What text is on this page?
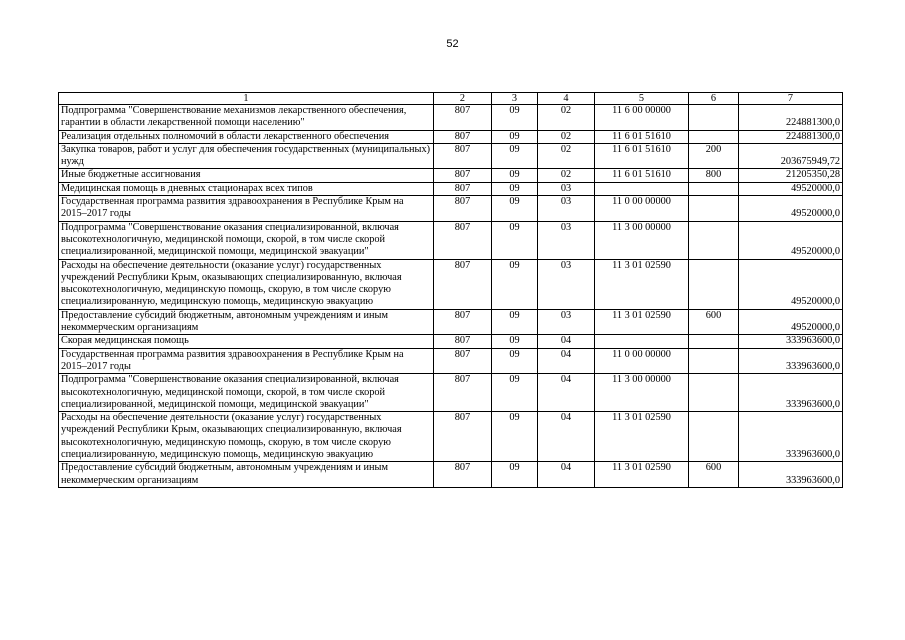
52
1	2	3	4	5	6	7
Подпрограмма "Совершенствование механизмов лекарственного обеспечения, гарантии в области лекарственной помощи населению"	807	09	02	11 6 00 00000		224881300,0
Реализация отдельных полномочий в области лекарственного обеспечения	807	09	02	11 6 01 51610		224881300,0
Закупка товаров, работ и услуг для обеспечения государственных (муниципальных) нужд	807	09	02	11 6 01 51610	200	203675949,72
Иные бюджетные ассигнования	807	09	02	11 6 01 51610	800	21205350,28
Медицинская помощь в дневных стационарах всех типов	807	09	03			49520000,0
Государственная программа развития здравоохранения в Республике Крым на 2015–2017 годы	807	09	03	11 0 00 00000		49520000,0
Подпрограмма "Совершенствование оказания специализированной, включая высокотехнологичную, медицинской помощи, скорой, в том числе скорой специализированной, медицинской помощи, медицинской эвакуации"	807	09	03	11 3 00 00000		49520000,0
Расходы на обеспечение деятельности (оказание услуг) государственных учреждений Республики Крым, оказывающих специализированную, включая высокотехнологичную, медицинскую помощь, скорую, в том числе скорую специализированную, медицинскую помощь, медицинскую эвакуацию	807	09	03	11 3 01 02590		49520000,0
Предоставление субсидий бюджетным, автономным учреждениям и иным некоммерческим организациям	807	09	03	11 3 01 02590	600	49520000,0
Скорая медицинская помощь	807	09	04			333963600,0
Государственная программа развития здравоохранения в Республике Крым на 2015–2017 годы	807	09	04	11 0 00 00000		333963600,0
Подпрограмма "Совершенствование оказания специализированной, включая высокотехнологичную, медицинской помощи, скорой, в том числе скорой специализированной, медицинской помощи, медицинской эвакуации"	807	09	04	11 3 00 00000		333963600,0
Расходы на обеспечение деятельности (оказание услуг) государственных учреждений Республики Крым, оказывающих специализированную, включая высокотехнологичную, медицинскую помощь, скорую, в том числе скорую специализированную, медицинскую помощь, медицинскую эвакуацию	807	09	04	11 3 01 02590		333963600,0
Предоставление субсидий бюджетным, автономным учреждениям и иным некоммерческим организациям	807	09	04	11 3 01 02590	600	333963600,0
